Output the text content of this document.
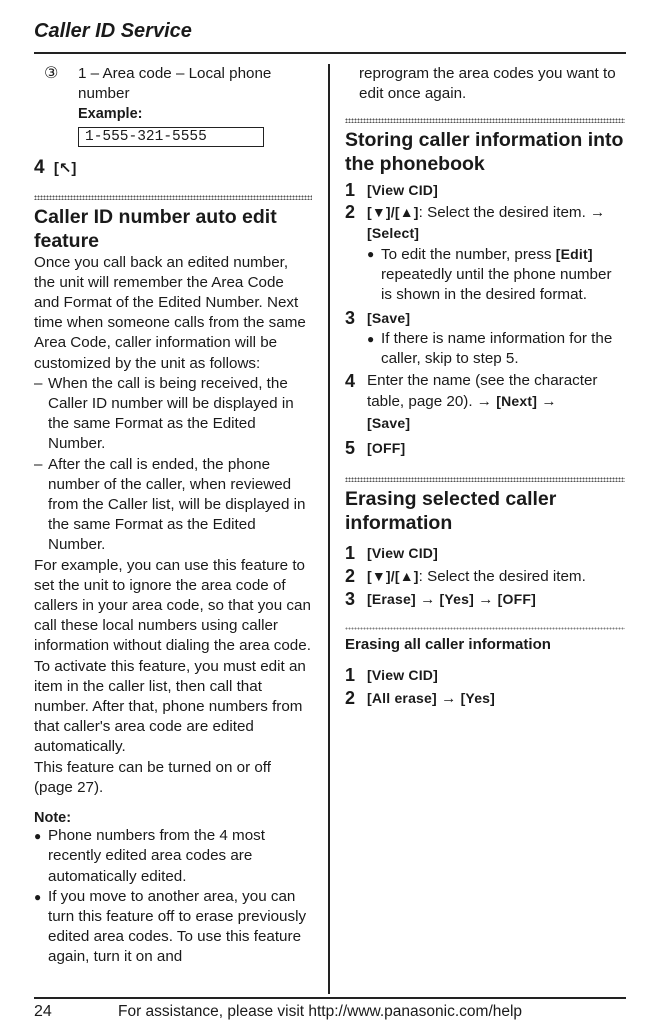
Caller ID Service
③	1 – Area code – Local phone
number
Example:
1-555-321-5555
4 [↖]
Caller ID number auto edit feature
Once you call back an edited number, the unit will remember the Area Code and Format of the Edited Number. Next time when someone calls from the same Area Code, caller information will be customized by the unit as follows:
– When the call is being received, the Caller ID number will be displayed in the same Format as the Edited Number.
– After the call is ended, the phone number of the caller, when reviewed from the Caller list, will be displayed in the same Format as the Edited Number.
For example, you can use this feature to set the unit to ignore the area code of callers in your area code, so that you can call these local numbers using caller information without dialing the area code.
To activate this feature, you must edit an item in the caller list, then call that number. After that, phone numbers from that caller's area code are edited automatically.
This feature can be turned on or off (page 27).
Note:
● Phone numbers from the 4 most recently edited area codes are automatically edited.
● If you move to another area, you can turn this feature off to erase previously edited area codes. To use this feature again, turn it on and
reprogram the area codes you want to edit once again.
Storing caller information into the phonebook
1 [View CID]
2 [▼]/[▲]: Select the desired item. →
[Select]
● To edit the number, press [Edit] repeatedly until the phone number is shown in the desired format.
3 [Save]
● If there is name information for the caller, skip to step 5.
4 Enter the name (see the character table, page 20). → [Next] →
[Save]
5 [OFF]
Erasing selected caller information
1 [View CID]
2 [▼]/[▲]: Select the desired item.
3 [Erase] → [Yes] → [OFF]
Erasing all caller information
1 [View CID]
2 [All erase] → [Yes]
24	For assistance, please visit http://www.panasonic.com/help
